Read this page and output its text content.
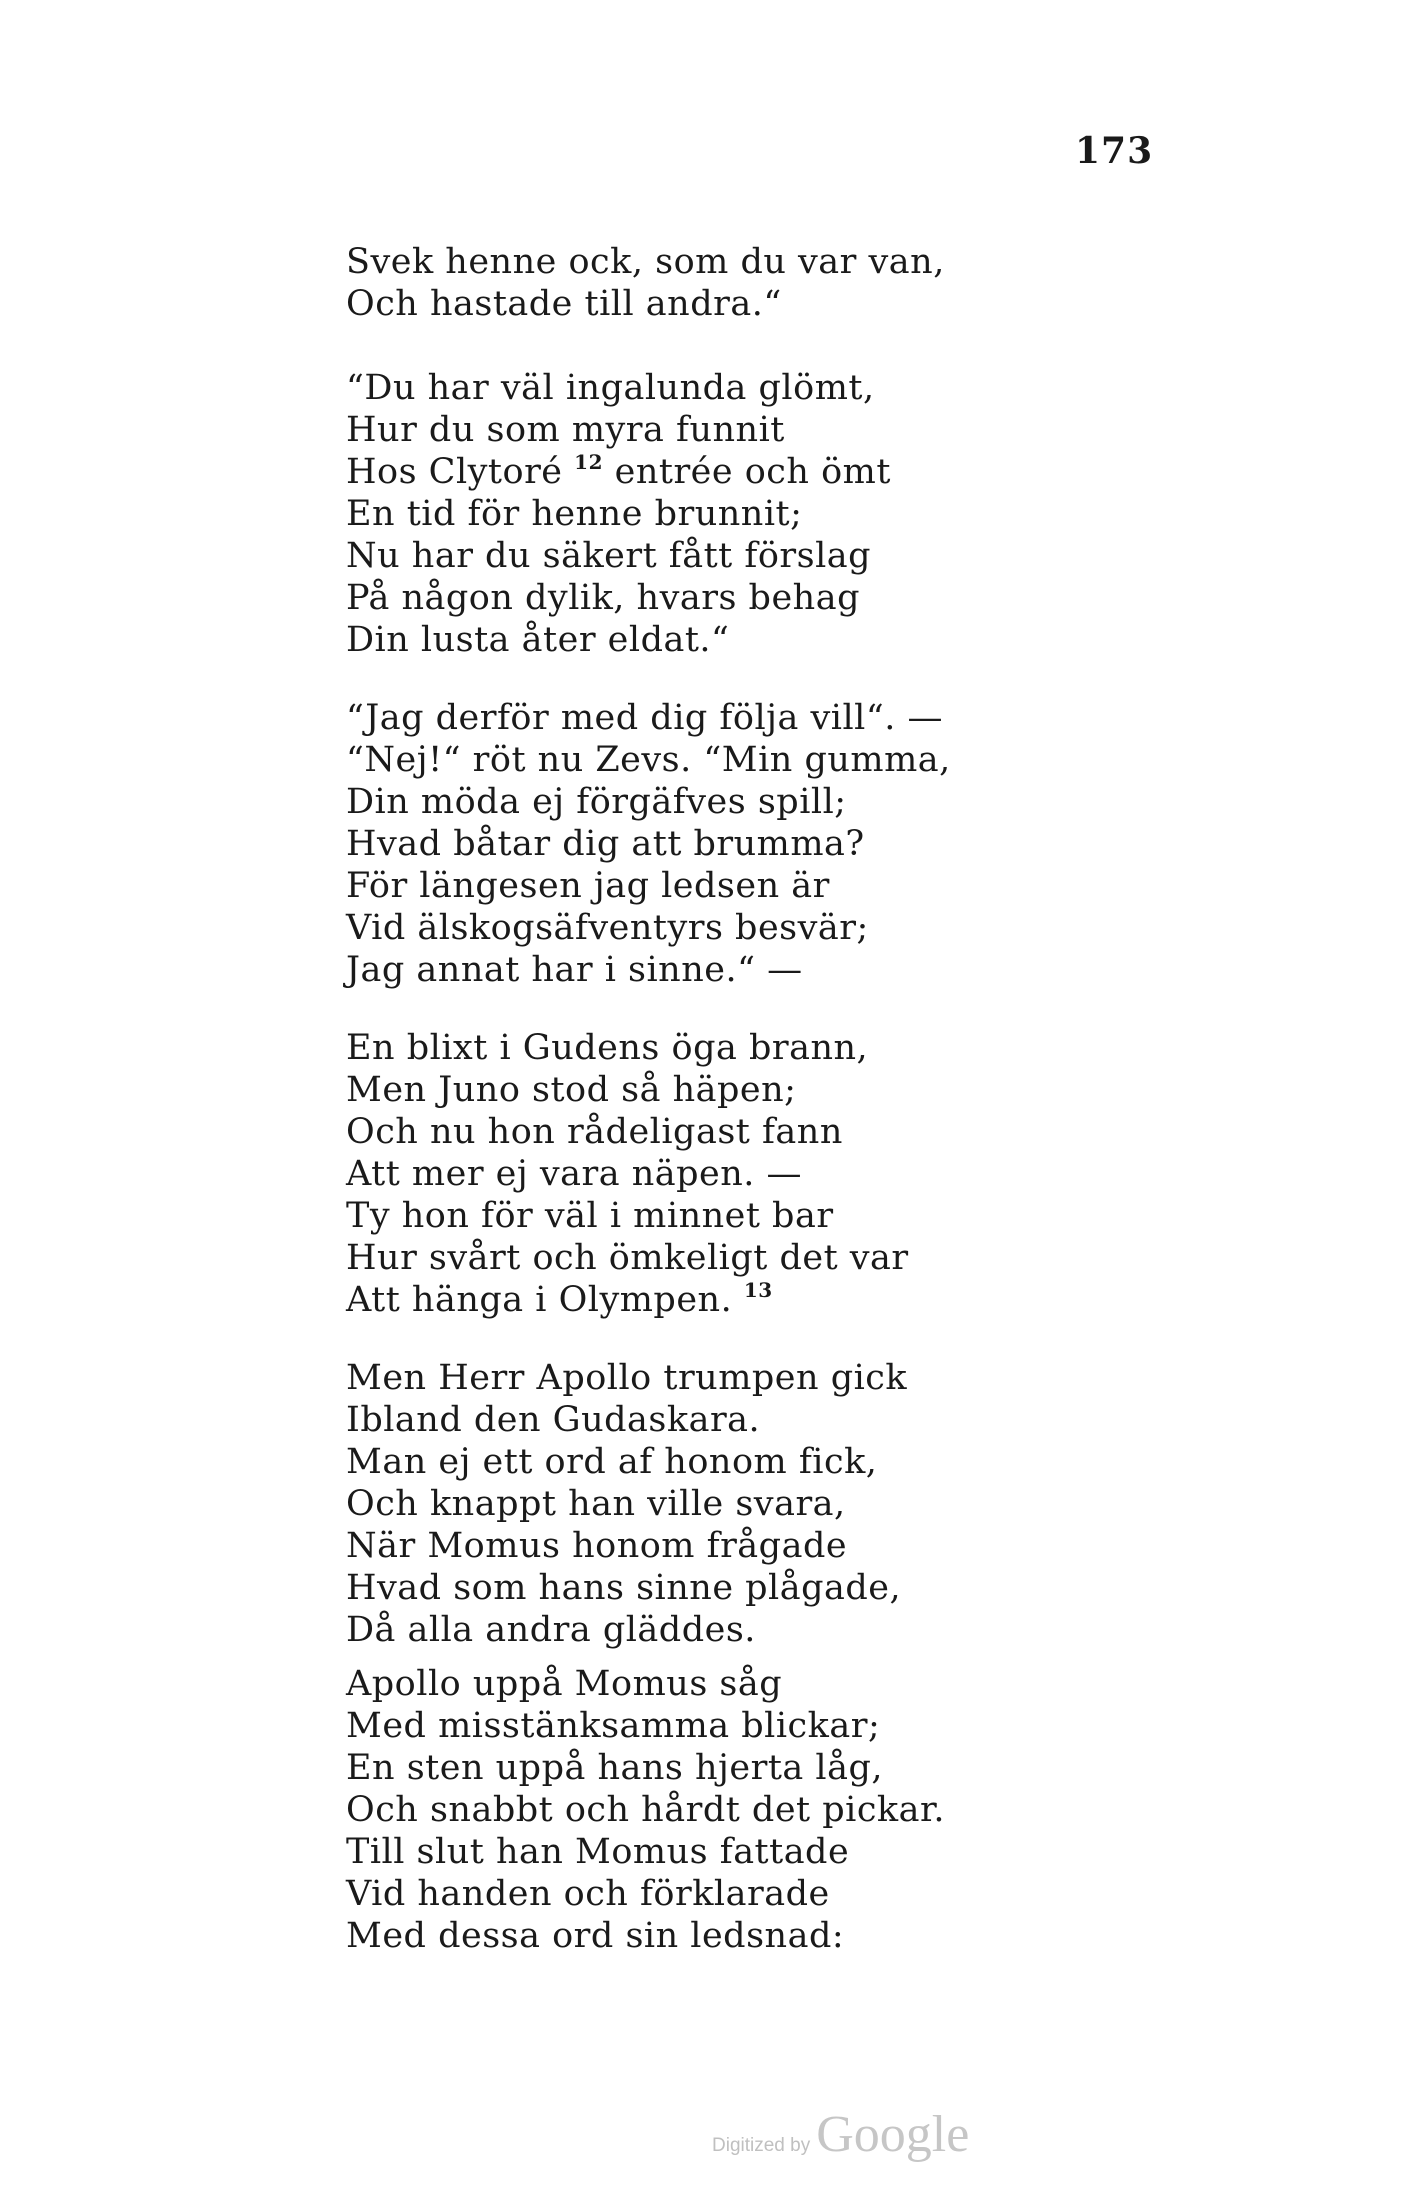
173
Svek henne ock, som du var van,
Och hastade till andra.“
“Du har väl ingalunda glömt,
Hur du som myra funnit
Hos Clytoré $^{12}$ entrée och ömt
En tid för henne brunnit;
Nu har du säkert fått förslag
På någon dylik, hvars behag
Din lusta åter eldat.“
“Jag derför med dig följa vill“. —
“Nej!“ röt nu Zevs. “Min gumma,
Din möda ej förgäfves spill;
Hvad båtar dig att brumma?
För längesen jag ledsen är
Vid älskogsäfventyrs besvär;
Jag annat har i sinne.“ —
En blixt i Gudens öga brann,
Men Juno stod så häpen;
Och nu hon rådeligast fann
Att mer ej vara näpen. —
Ty hon för väl i minnet bar
Hur svårt och ömkeligt det var
Att hänga i Olympen. $^{13}$
Men Herr Apollo trumpen gick
Ibland den Gudaskara.
Man ej ett ord af honom fick,
Och knappt han ville svara,
När Momus honom frågade
Hvad som hans sinne plågade,
Då alla andra gläddes.
Apollo uppå Momus såg
Med misstänksamma blickar;
En sten uppå hans hjerta låg,
Och snabbt och hårdt det pickar.
Till slut han Momus fattade
Vid handen och förklarade
Med dessa ord sin ledsnad:
Digitized by Google
